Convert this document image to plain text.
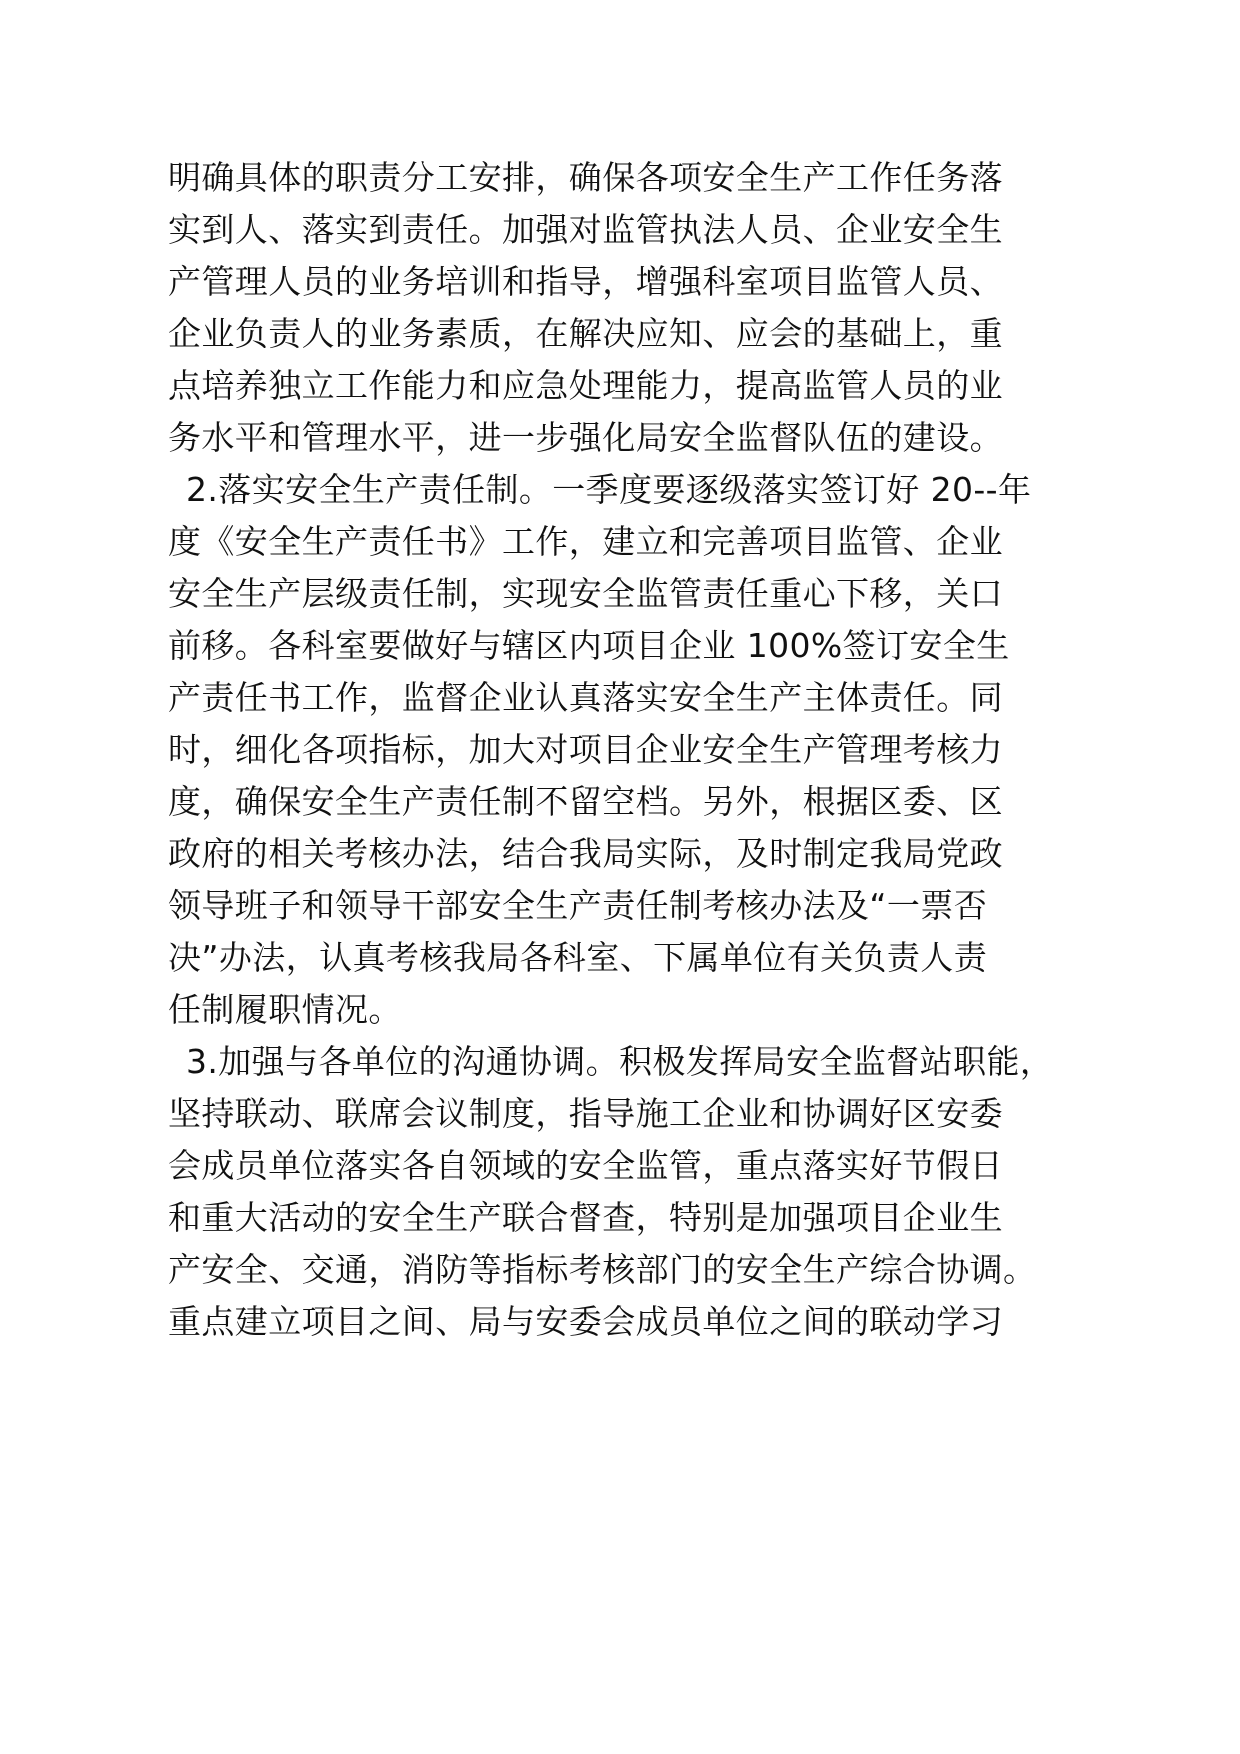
明确具体的职责分工安排，确保各项安全生产工作任务落

实到人、落实到责任。加强对监管执法人员、企业安全生

产管理人员的业务培训和指导，增强科室项目监管人员、

企业负责人的业务素质，在解决应知、应会的基础上，重

点培养独立工作能力和应急处理能力，提高监管人员的业

务水平和管理水平，进一步强化局安全监督队伍的建设。

2.落实安全生产责任制。一季度要逐级落实签订好 20--年

度《安全生产责任书》工作，建立和完善项目监管、企业

安全生产层级责任制，实现安全监管责任重心下移，关口

前移。各科室要做好与辖区内项目企业 100%签订安全生

产责任书工作，监督企业认真落实安全生产主体责任。同

时，细化各项指标，加大对项目企业安全生产管理考核力

度，确保安全生产责任制不留空档。另外，根据区委、区

政府的相关考核办法，结合我局实际，及时制定我局党政

领导班子和领导干部安全生产责任制考核办法及“一票否

决”办法，认真考核我局各科室、下属单位有关负责人责

任制履职情况。

3.加强与各单位的沟通协调。积极发挥局安全监督站职能，

坚持联动、联席会议制度，指导施工企业和协调好区安委

会成员单位落实各自领域的安全监管，重点落实好节假日

和重大活动的安全生产联合督查，特别是加强项目企业生

产安全、交通，消防等指标考核部门的安全生产综合协调。

重点建立项目之间、局与安委会成员单位之间的联动学习
